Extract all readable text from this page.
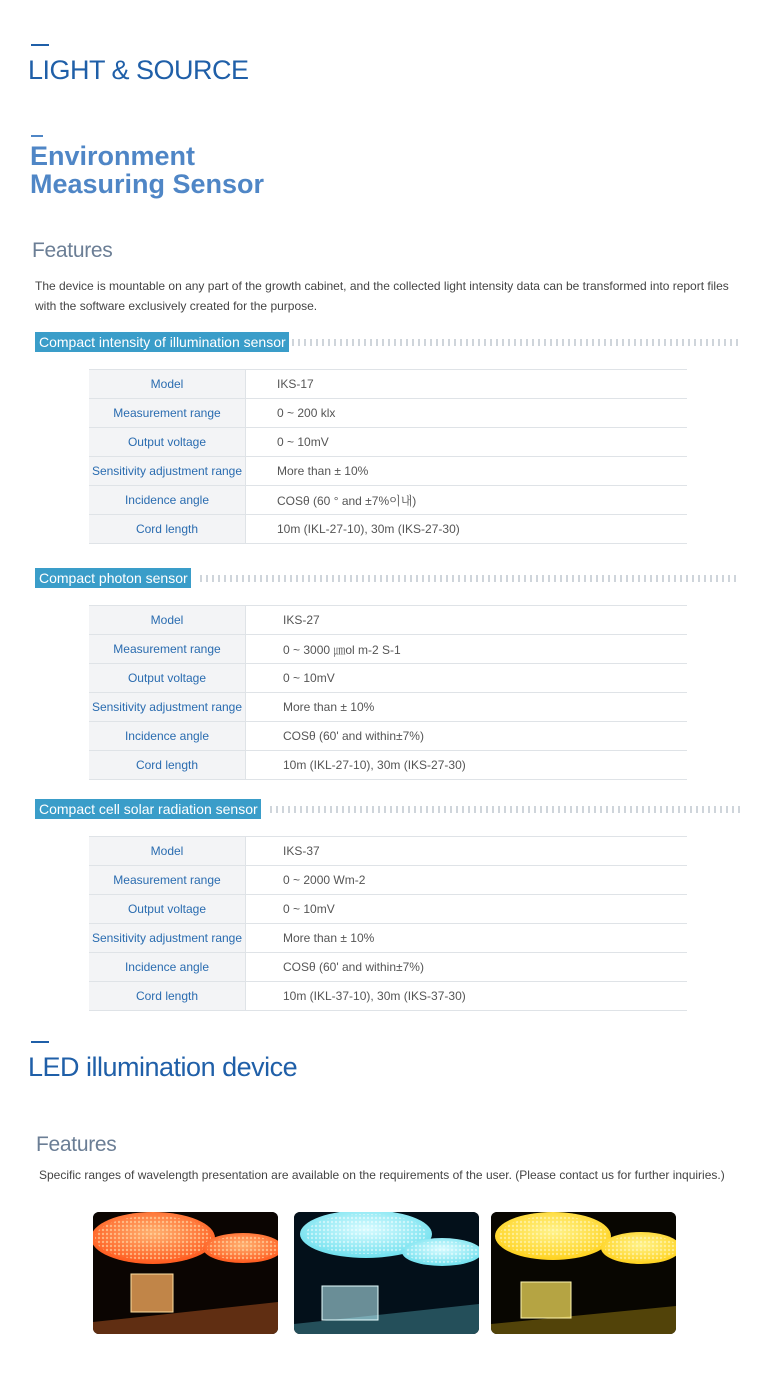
LIGHT & SOURCE
Environment
Measuring Sensor
Features

The device is mountable on any part of the growth cabinet, and the collected light intensity data can be transformed into report files with the software exclusively created for the purpose.

Compact intensity of illumination sensor
Model	IKS-17
Measurement range	0 ~ 200 klx
Output voltage	0 ~ 10mV
Sensitivity adjustment range	More than ± 10%
Incidence angle	COSθ (60 ° and ±7%이내)
Cord length	10m (IKL-27-10), 30m (IKS-27-30)
Compact photon sensor
Model	IKS-27
Measurement range	0 ~ 3000 ㎛ol m-2 S-1
Output voltage	0 ~ 10mV
Sensitivity adjustment range	More than ± 10%
Incidence angle	COSθ (60' and within±7%)
Cord length	10m (IKL-27-10), 30m (IKS-27-30)
Compact cell solar radiation sensor
Model	IKS-37
Measurement range	0 ~ 2000 Wm-2
Output voltage	0 ~ 10mV
Sensitivity adjustment range	More than ± 10%
Incidence angle	COSθ (60' and within±7%)
Cord length	10m (IKL-37-10), 30m (IKS-37-30)
LED illumination device
Features

Specific ranges of wavelength presentation are available on the requirements of the user. (Please contact us for further inquiries.)
